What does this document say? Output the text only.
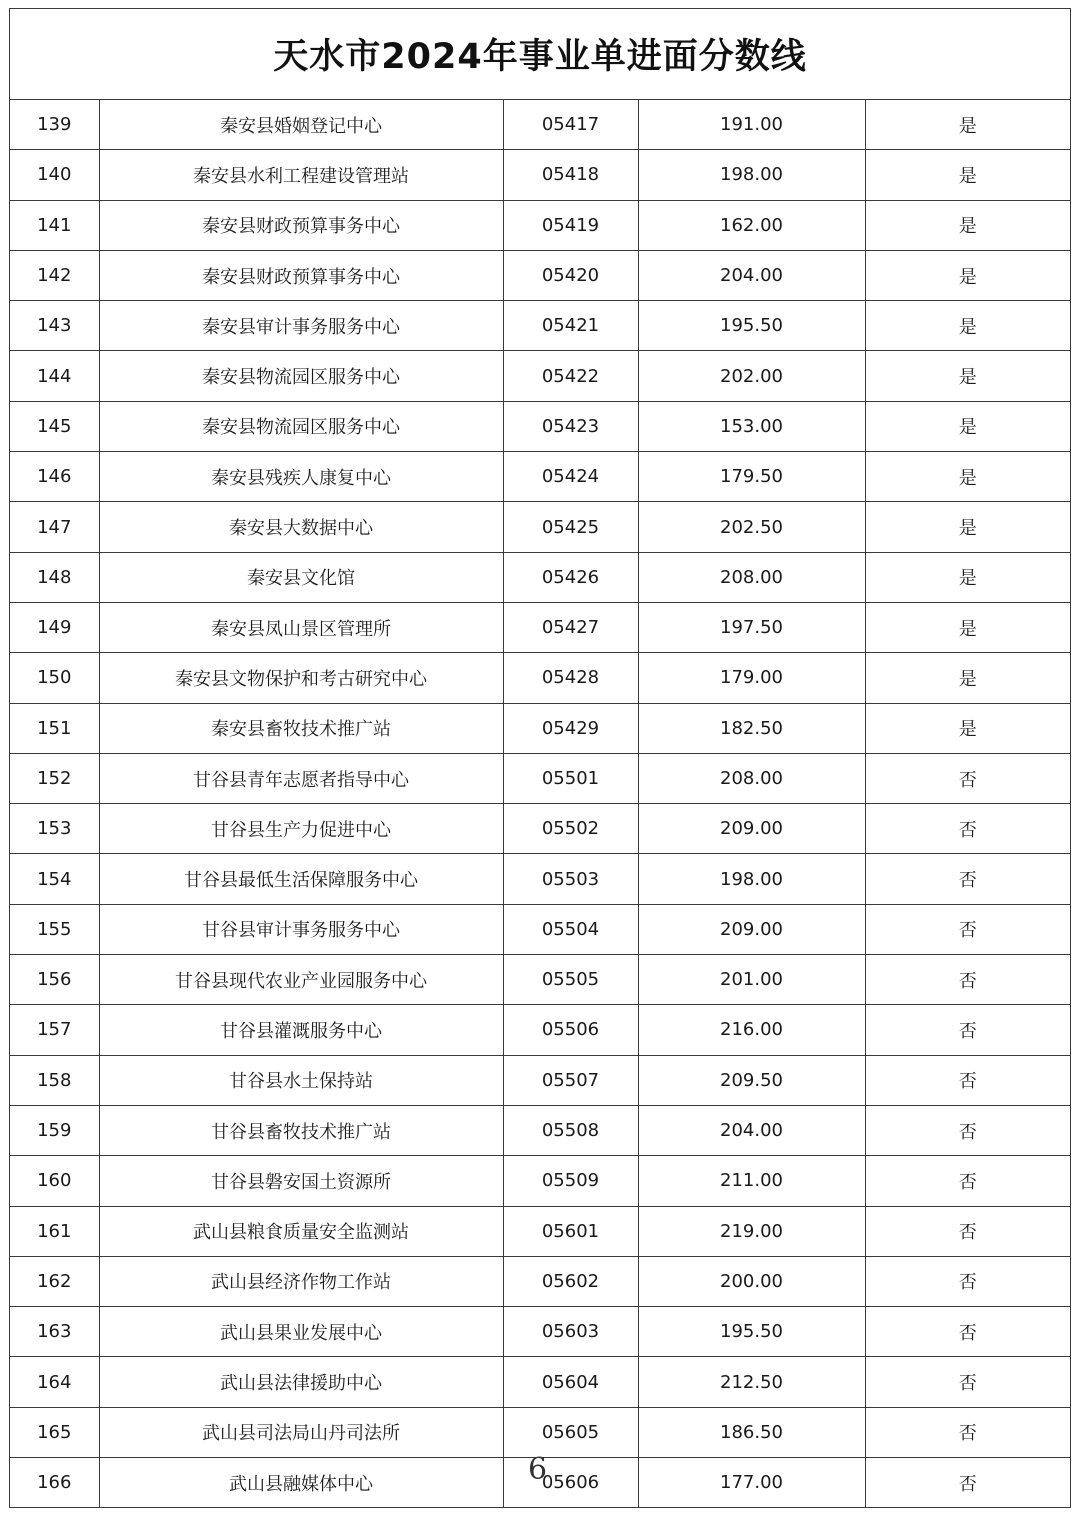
天水市2024年事业单进面分数线
139	秦安县婚姻登记中心	05417	191.00	是
140	秦安县水利工程建设管理站	05418	198.00	是
141	秦安县财政预算事务中心	05419	162.00	是
142	秦安县财政预算事务中心	05420	204.00	是
143	秦安县审计事务服务中心	05421	195.50	是
144	秦安县物流园区服务中心	05422	202.00	是
145	秦安县物流园区服务中心	05423	153.00	是
146	秦安县残疾人康复中心	05424	179.50	是
147	秦安县大数据中心	05425	202.50	是
148	秦安县文化馆	05426	208.00	是
149	秦安县凤山景区管理所	05427	197.50	是
150	秦安县文物保护和考古研究中心	05428	179.00	是
151	秦安县畜牧技术推广站	05429	182.50	是
152	甘谷县青年志愿者指导中心	05501	208.00	否
153	甘谷县生产力促进中心	05502	209.00	否
154	甘谷县最低生活保障服务中心	05503	198.00	否
155	甘谷县审计事务服务中心	05504	209.00	否
156	甘谷县现代农业产业园服务中心	05505	201.00	否
157	甘谷县灌溉服务中心	05506	216.00	否
158	甘谷县水土保持站	05507	209.50	否
159	甘谷县畜牧技术推广站	05508	204.00	否
160	甘谷县磐安国土资源所	05509	211.00	否
161	武山县粮食质量安全监测站	05601	219.00	否
162	武山县经济作物工作站	05602	200.00	否
163	武山县果业发展中心	05603	195.50	否
164	武山县法律援助中心	05604	212.50	否
165	武山县司法局山丹司法所	05605	186.50	否
166	武山县融媒体中心	05606	177.00	否
6
